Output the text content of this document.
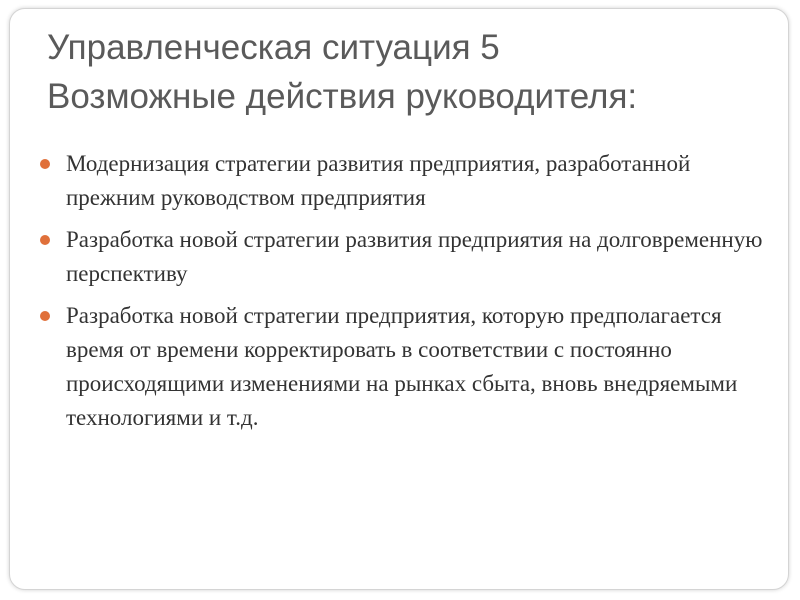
Управленческая ситуация 5
Возможные действия руководителя:
Модернизация стратегии развития предприятия, разработанной прежним руководством предприятия
Разработка новой стратегии развития предприятия на долговременную перспективу
Разработка новой стратегии предприятия, которую предполагается время от времени корректировать в соответствии с постоянно происходящими изменениями на рынках сбыта, вновь внедряемыми технологиями и т.д.
